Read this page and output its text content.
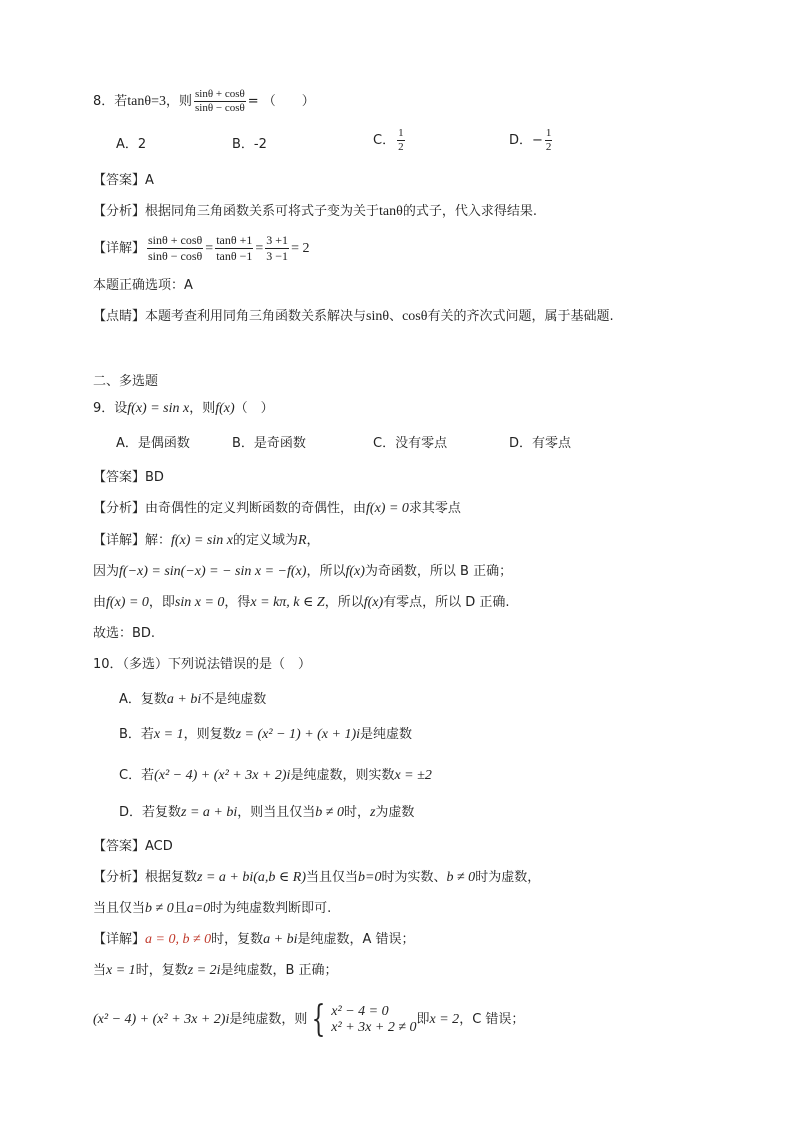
8．若tanθ=3，则 $\frac{\sin\theta + \cos\theta}{\sin\theta - \cos\theta}$ = （　　）
A．2	B．-2	C． $\frac{1}{2}$	D．− $\frac{1}{2}$
【答案】A
【分析】根据同角三角函数关系可将式子变为关于tanθ的式子，代入求得结果.
【详解】 $\frac{\sin\theta + \cos\theta}{\sin\theta - \cos\theta} = \frac{\tan\theta +1}{\tan\theta -1} = \frac{3 +1}{3 -1} = 2$
本题正确选项：A
【点睛】本题考查利用同角三角函数关系解决与sinθ、cosθ有关的齐次式问题，属于基础题.
二、多选题
9．设f(x) = sin x，则f(x)（　）
A．是偶函数	B．是奇函数	C．没有零点	D．有零点
【答案】BD
【分析】由奇偶性的定义判断函数的奇偶性，由f(x) = 0求其零点
【详解】解：f(x) = sin x的定义域为R，
因为f(−x) = sin(−x) = − sin x = −f(x)，所以f(x)为奇函数，所以 B 正确；
由f(x) = 0，即sin x = 0，得x = kπ, k ∈ Z，所以f(x)有零点，所以 D 正确.
故选：BD.
10．（多选）下列说法错误的是（　）
A．复数a + bi不是纯虚数
B．若x = 1，则复数z = (x² − 1) + (x + 1)i是纯虚数
C．若(x² − 4) + (x² + 3x + 2)i是纯虚数，则实数x = ±2
D．若复数z = a + bi，则当且仅当b ≠ 0时，z为虚数
【答案】ACD
【分析】根据复数z = a + bi(a,b ∈ R)当且仅当b=0时为实数、b ≠ 0时为虚数，
当且仅当b ≠ 0且a=0时为纯虚数判断即可.
【详解】a = 0, b ≠ 0时，复数a + bi是纯虚数，A 错误；
当x = 1时，复数z = 2i是纯虚数，B 正确；
(x² − 4) + (x² + 3x + 2)i是纯虚数，则 { x² − 4 = 0
x² + 3x + 2 ≠ 0 即x = 2，C 错误；
